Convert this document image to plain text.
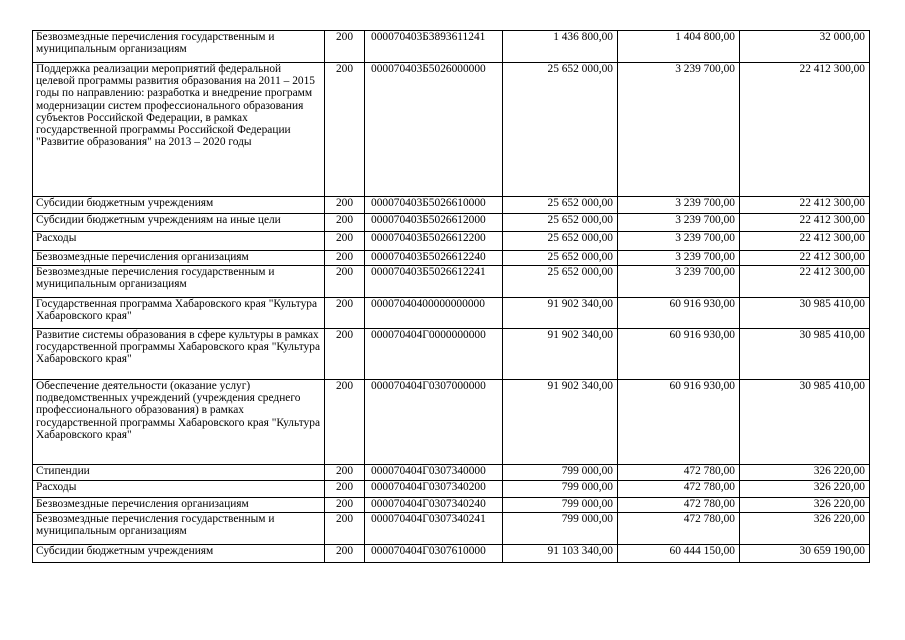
Безвозмездные перечисления государственным и муниципальным организациям	200	000070403Б3893611241	1 436 800,00	1 404 800,00	32 000,00
Поддержка реализации мероприятий федеральной целевой программы развития образования на 2011 – 2015 годы по направлению: разработка и внедрение программ модернизации систем профессионального образования субъектов Российской Федерации, в рамках государственной программы Российской Федерации "Развитие образования" на 2013 – 2020 годы	200	000070403Б5026000000	25 652 000,00	3 239 700,00	22 412 300,00
Субсидии бюджетным учреждениям	200	000070403Б5026610000	25 652 000,00	3 239 700,00	22 412 300,00
Субсидии бюджетным учреждениям на иные цели	200	000070403Б5026612000	25 652 000,00	3 239 700,00	22 412 300,00
Расходы	200	000070403Б5026612200	25 652 000,00	3 239 700,00	22 412 300,00
Безвозмездные перечисления организациям	200	000070403Б5026612240	25 652 000,00	3 239 700,00	22 412 300,00
Безвозмездные перечисления государственным и муниципальным организациям	200	000070403Б5026612241	25 652 000,00	3 239 700,00	22 412 300,00
Государственная программа Хабаровского края "Культура Хабаровского края"	200	00007040400000000000	91 902 340,00	60 916 930,00	30 985 410,00
Развитие системы образования в сфере культуры в рамках государственной программы Хабаровского края "Культура Хабаровского края"	200	000070404Г0000000000	91 902 340,00	60 916 930,00	30 985 410,00
Обеспечение деятельности (оказание услуг) подведомственных учреждений (учреждения среднего профессионального образования) в рамках государственной программы Хабаровского края "Культура Хабаровского края"	200	000070404Г0307000000	91 902 340,00	60 916 930,00	30 985 410,00
Стипендии	200	000070404Г0307340000	799 000,00	472 780,00	326 220,00
Расходы	200	000070404Г0307340200	799 000,00	472 780,00	326 220,00
Безвозмездные перечисления организациям	200	000070404Г0307340240	799 000,00	472 780,00	326 220,00
Безвозмездные перечисления государственным и муниципальным организациям	200	000070404Г0307340241	799 000,00	472 780,00	326 220,00
Субсидии бюджетным учреждениям	200	000070404Г0307610000	91 103 340,00	60 444 150,00	30 659 190,00
